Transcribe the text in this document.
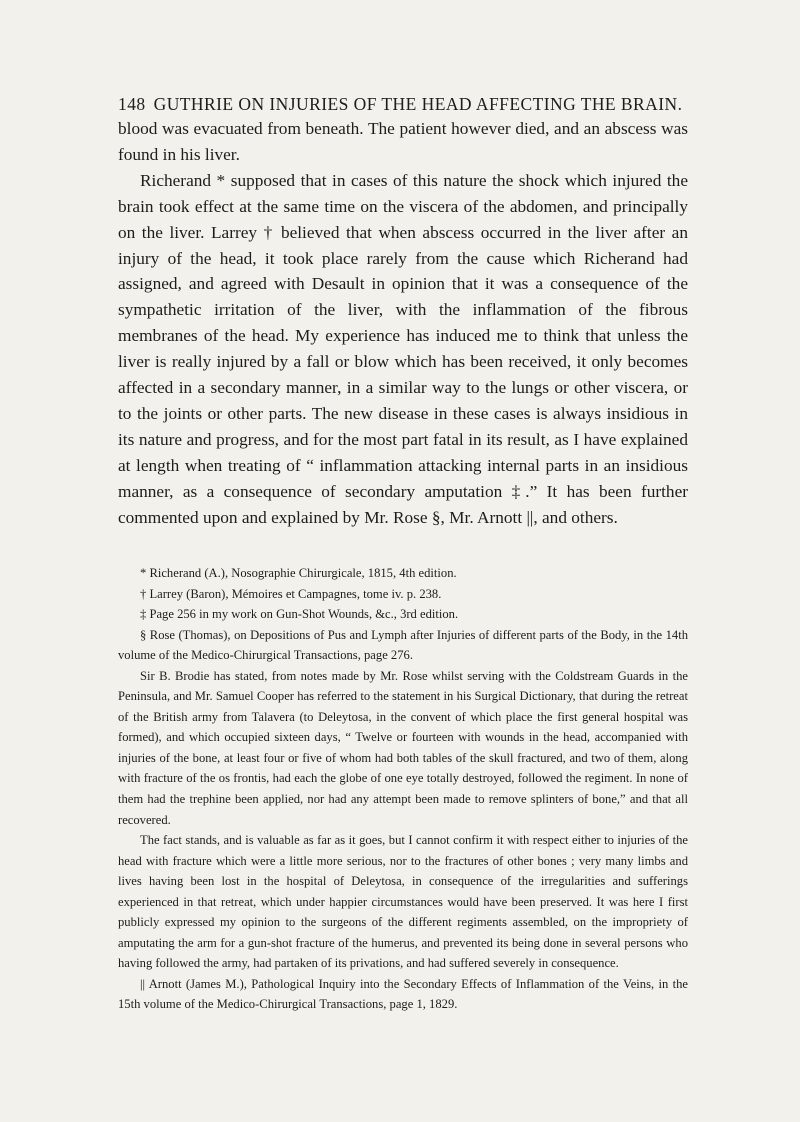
148 GUTHRIE ON INJURIES OF THE HEAD AFFECTING THE BRAIN.

blood was evacuated from beneath. The patient however died, and an abscess was found in his liver.

Richerand * supposed that in cases of this nature the shock which injured the brain took effect at the same time on the viscera of the abdomen, and principally on the liver. Larrey † believed that when abscess occurred in the liver after an injury of the head, it took place rarely from the cause which Richerand had assigned, and agreed with Desault in opinion that it was a consequence of the sympathetic irritation of the liver, with the inflammation of the fibrous membranes of the head. My experience has induced me to think that unless the liver is really injured by a fall or blow which has been received, it only becomes affected in a secondary manner, in a similar way to the lungs or other viscera, or to the joints or other parts. The new disease in these cases is always insidious in its nature and progress, and for the most part fatal in its result, as I have explained at length when treating of “ inflammation attacking internal parts in an insidious manner, as a consequence of secondary amputation ‡.” It has been further commented upon and explained by Mr. Rose §, Mr. Arnott ||, and others.

* Richerand (A.), Nosographie Chirurgicale, 1815, 4th edition.

† Larrey (Baron), Mémoires et Campagnes, tome iv. p. 238.

‡ Page 256 in my work on Gun-Shot Wounds, &c., 3rd edition.

§ Rose (Thomas), on Depositions of Pus and Lymph after Injuries of different parts of the Body, in the 14th volume of the Medico-Chirurgical Transactions, page 276.

Sir B. Brodie has stated, from notes made by Mr. Rose whilst serving with the Coldstream Guards in the Peninsula, and Mr. Samuel Cooper has referred to the statement in his Surgical Dictionary, that during the retreat of the British army from Talavera (to Deleytosa, in the convent of which place the first general hospital was formed), and which occupied sixteen days, “ Twelve or fourteen with wounds in the head, accompanied with injuries of the bone, at least four or five of whom had both tables of the skull fractured, and two of them, along with fracture of the os frontis, had each the globe of one eye totally destroyed, followed the regiment. In none of them had the trephine been applied, nor had any attempt been made to remove splinters of bone,” and that all recovered.

The fact stands, and is valuable as far as it goes, but I cannot confirm it with respect either to injuries of the head with fracture which were a little more serious, nor to the fractures of other bones ; very many limbs and lives having been lost in the hospital of Deleytosa, in consequence of the irregularities and sufferings experienced in that retreat, which under happier circumstances would have been preserved. It was here I first publicly expressed my opinion to the surgeons of the different regiments assembled, on the impropriety of amputating the arm for a gun-shot fracture of the humerus, and prevented its being done in several persons who having followed the army, had partaken of its privations, and had suffered severely in consequence.

|| Arnott (James M.), Pathological Inquiry into the Secondary Effects of Inflammation of the Veins, in the 15th volume of the Medico-Chirurgical Transactions, page 1, 1829.
